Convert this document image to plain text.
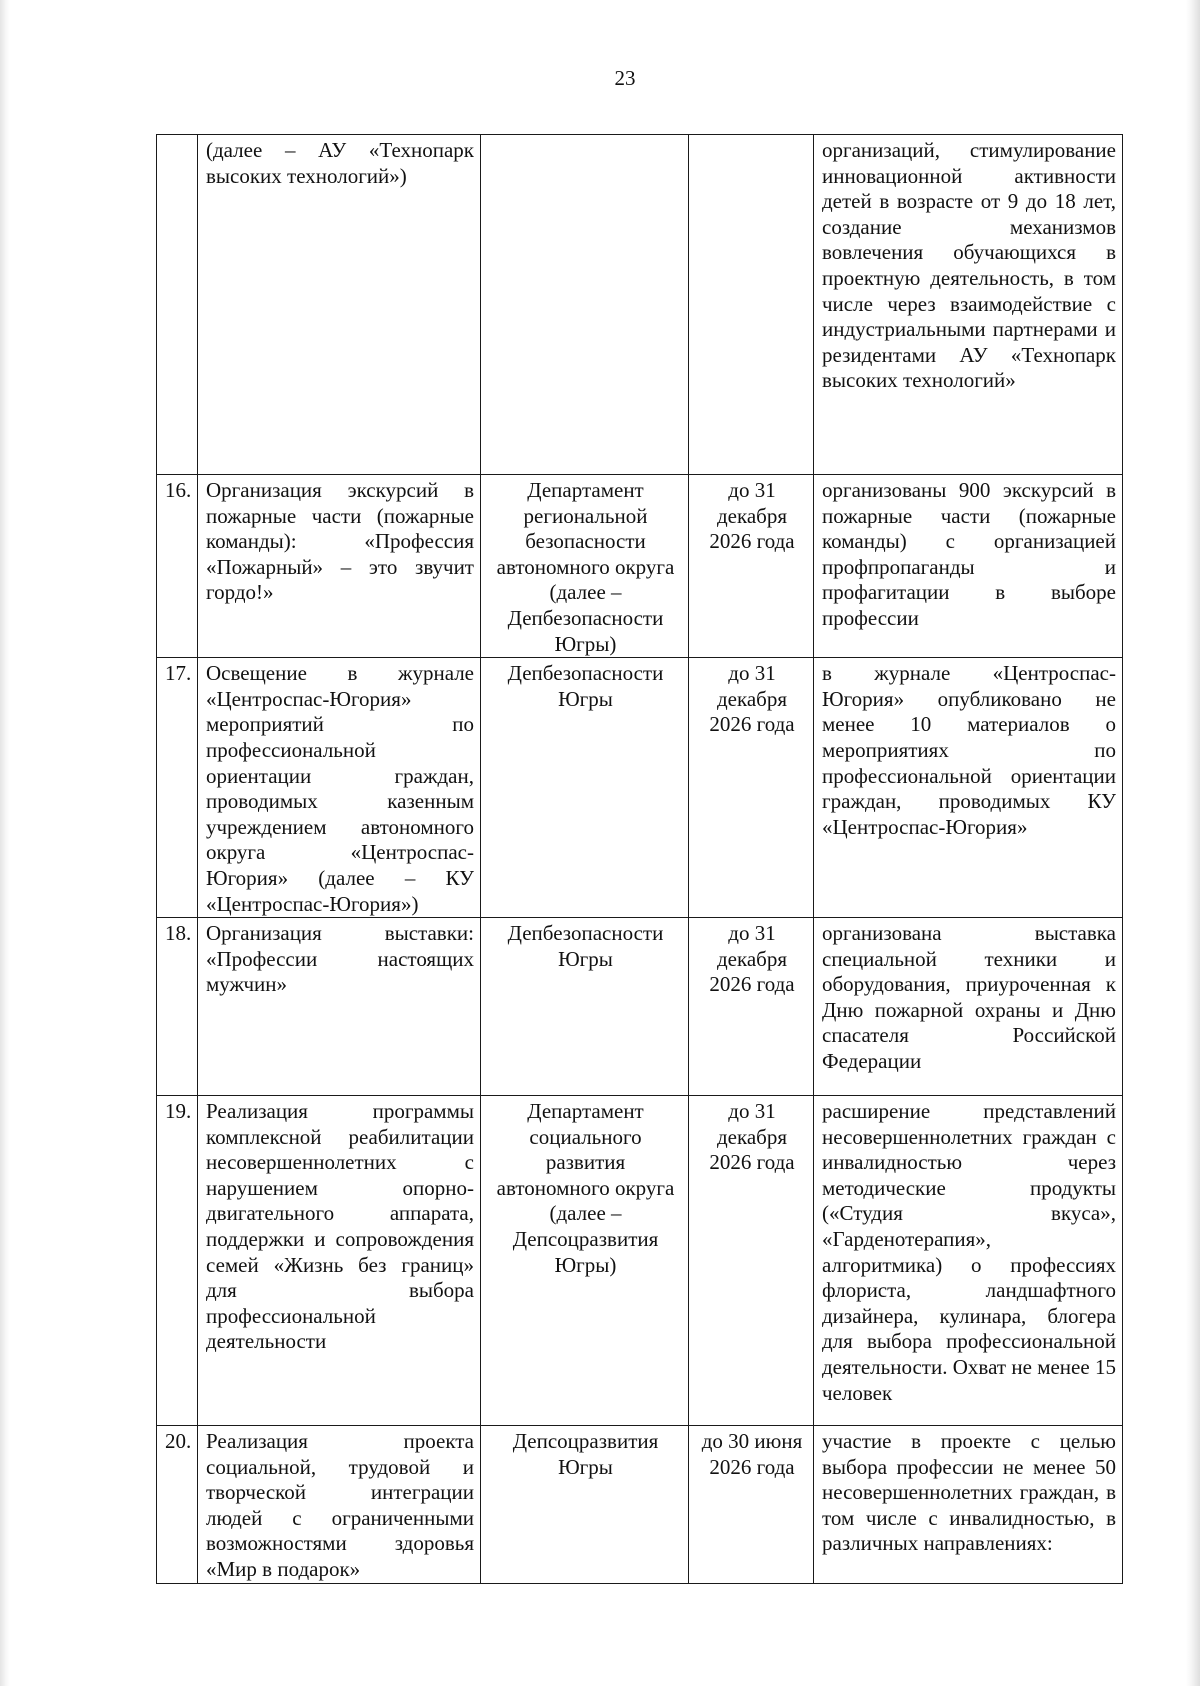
23

	(далее – АУ «Технопарк высоких технологий»)			организаций, стимулирование инновационной активности детей в возрасте от 9 до 18 лет, создание механизмов вовлечения обучающихся в проектную деятельность, в том числе через взаимодействие с индустриальными партнерами и резидентами АУ «Технопарк высоких технологий»

16.	Организация экскурсий в пожарные части (пожарные команды): «Профессия «Пожарный» – это звучит гордо!»	Департамент региональной безопасности автономного округа (далее – Депбезопасности Югры)	до 31 декабря 2026 года	организованы 900 экскурсий в пожарные части (пожарные команды) с организацией профпропаганды и профагитации в выборе профессии

17.	Освещение в журнале «Центроспас-Югория» мероприятий по профессиональной ориентации граждан, проводимых казенным учреждением автономного округа «Центроспас-Югория» (далее – КУ «Центроспас-Югория»)	Депбезопасности Югры	до 31 декабря 2026 года	в журнале «Центроспас-Югория» опубликовано не менее 10 материалов о мероприятиях по профессиональной ориентации граждан, проводимых КУ «Центроспас-Югория»

18.	Организация выставки: «Профессии настоящих мужчин»	Депбезопасности Югры	до 31 декабря 2026 года	организована выставка специальной техники и оборудования, приуроченная к Дню пожарной охраны и Дню спасателя Российской Федерации

19.	Реализация программы комплексной реабилитации несовершеннолетних с нарушением опорно-двигательного аппарата, поддержки и сопровождения семей «Жизнь без границ» для выбора профессиональной деятельности	Департамент социального развития автономного округа (далее – Депсоцразвития Югры)	до 31 декабря 2026 года	расширение представлений несовершеннолетних граждан с инвалидностью через методические продукты («Студия вкуса», «Гарденотерапия», алгоритмика) о профессиях флориста, ландшафтного дизайнера, кулинара, блогера для выбора профессиональной деятельности. Охват не менее 15 человек

20.	Реализация проекта социальной, трудовой и творческой интеграции людей с ограниченными возможностями здоровья «Мир в подарок»	Депсоцразвития Югры	до 30 июня 2026 года	участие в проекте с целью выбора профессии не менее 50 несовершеннолетних граждан, в том числе с инвалидностью, в различных направлениях:
